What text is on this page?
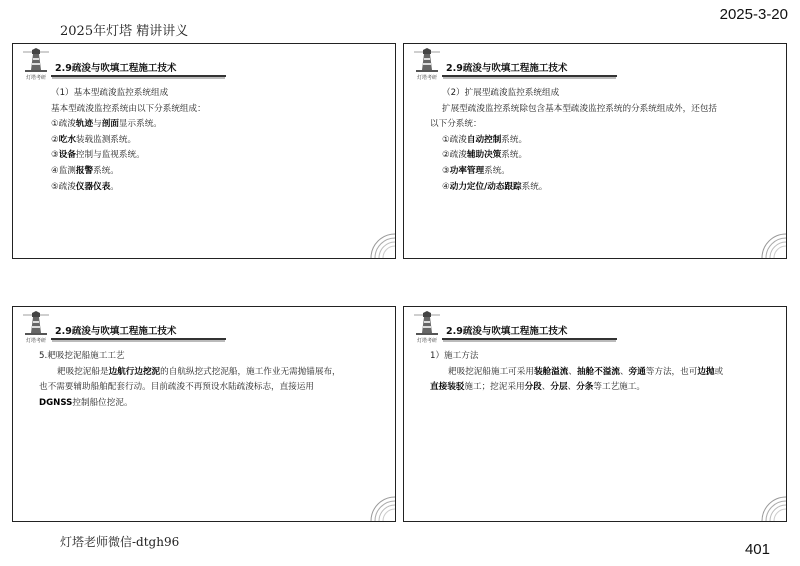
2025年灯塔 精讲讲义
2025-3-20
灯塔考研
2.9疏浚与吹填工程施工技术

（1）基本型疏浚监控系统组成

基本型疏浚监控系统由以下分系统组成：

①疏浚轨迹与剖面显示系统。

②吃水装载监测系统。

③设备控制与监视系统。

④监测报警系统。

⑤疏浚仪器仪表。

灯塔考研
2.9疏浚与吹填工程施工技术

（2）扩展型疏浚监控系统组成

扩展型疏浚监控系统除包含基本型疏浚监控系统的分系统组成外，还包括

以下分系统：

①疏浚自动控制系统。

②疏浚辅助决策系统。

③功率管理系统。

④动力定位/动态跟踪系统。

灯塔考研
2.9疏浚与吹填工程施工技术

5.耙吸挖泥船施工工艺

耙吸挖泥船是边航行边挖泥的自航纵挖式挖泥船，施工作业无需抛锚展布，

也不需要辅助船舶配套行动。目前疏浚不再预设水陆疏浚标志，直接运用

DGNSS控制船位挖泥。

灯塔考研
2.9疏浚与吹填工程施工技术

1）施工方法

耙吸挖泥船施工可采用装舱溢流、抽舱不溢流、旁通等方法，也可边抛或

直接装驳施工；挖泥采用分段、分层、分条等工艺施工。

灯塔老师微信-dtgh96	401
